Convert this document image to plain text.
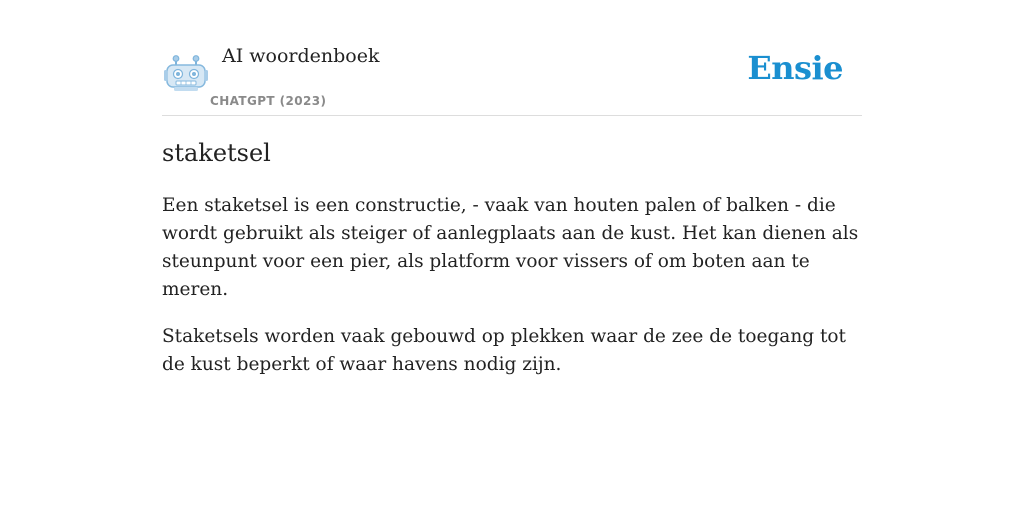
AI woordenboek
CHATGPT (2023)
Ensie
staketsel

Een staketsel is een constructie, - vaak van houten palen of balken - die wordt gebruikt als steiger of aanlegplaats aan de kust. Het kan dienen als steunpunt voor een pier, als platform voor vissers of om boten aan te meren.

Staketsels worden vaak gebouwd op plekken waar de zee de toegang tot de kust beperkt of waar havens nodig zijn.
